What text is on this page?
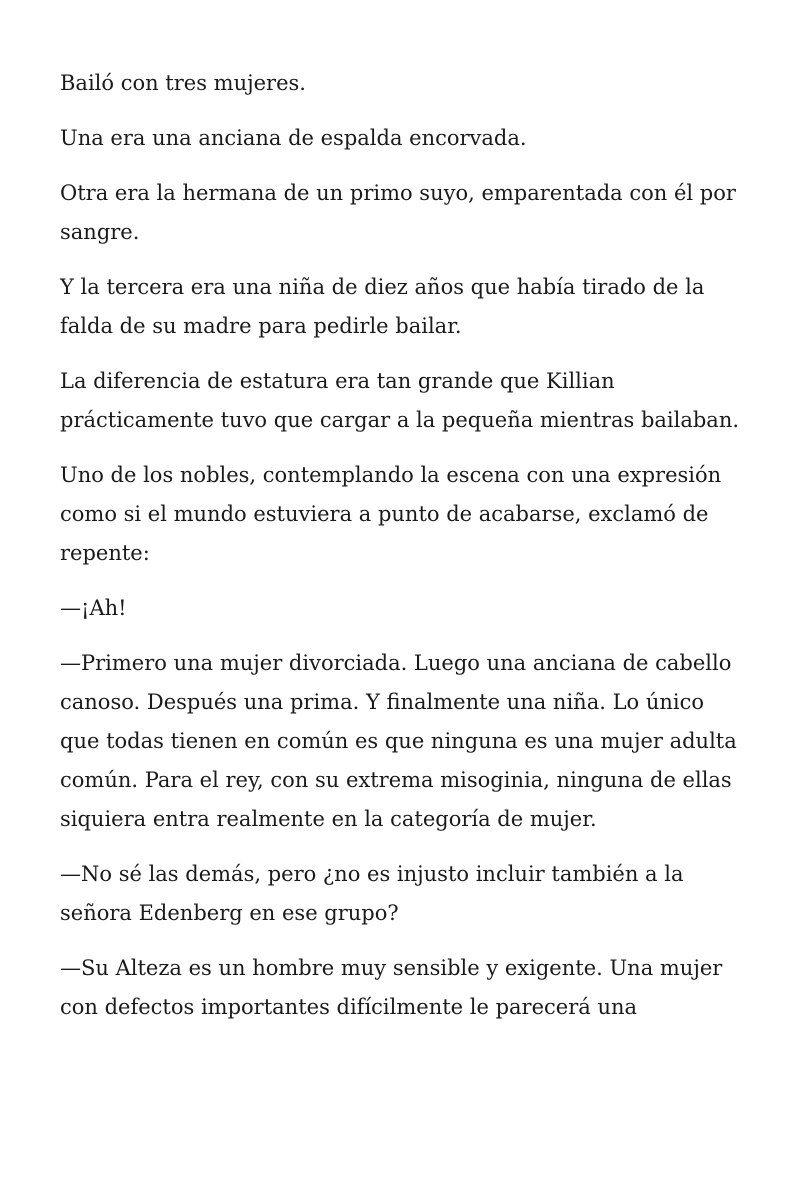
Bailó con tres mujeres.

Una era una anciana de espalda encorvada.

Otra era la hermana de un primo suyo, emparentada con él por sangre.

Y la tercera era una niña de diez años que había tirado de la falda de su madre para pedirle bailar.

La diferencia de estatura era tan grande que Killian prácticamente tuvo que cargar a la pequeña mientras bailaban.

Uno de los nobles, contemplando la escena con una expresión como si el mundo estuviera a punto de acabarse, exclamó de repente:

—¡Ah!

—Primero una mujer divorciada. Luego una anciana de cabello canoso. Después una prima. Y finalmente una niña. Lo único que todas tienen en común es que ninguna es una mujer adulta común. Para el rey, con su extrema misoginia, ninguna de ellas siquiera entra realmente en la categoría de mujer.

—No sé las demás, pero ¿no es injusto incluir también a la señora Edenberg en ese grupo?

—Su Alteza es un hombre muy sensible y exigente. Una mujer con defectos importantes difícilmente le parecerá una
